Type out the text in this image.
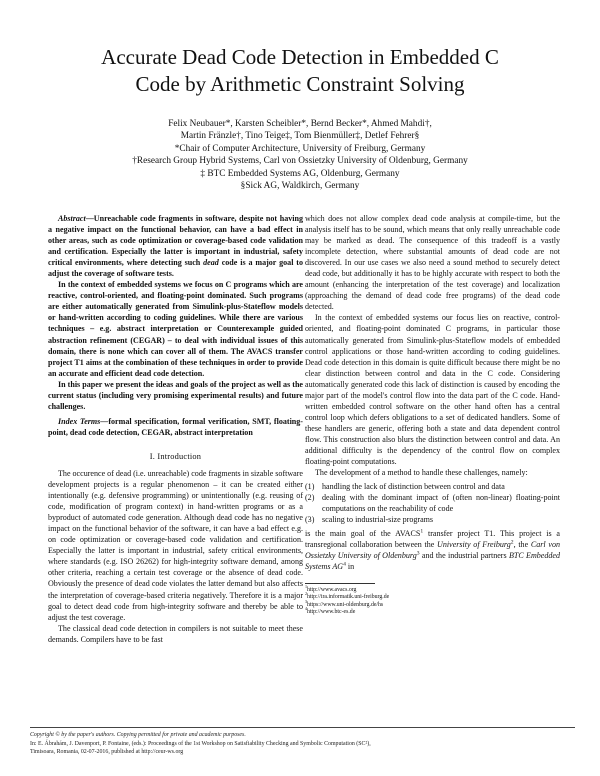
Accurate Dead Code Detection in Embedded C
Code by Arithmetic Constraint Solving
Felix Neubauer*, Karsten Scheibler*, Bernd Becker*, Ahmed Mahdi†,
Martin Fränzle†, Tino Teige‡, Tom Bienmüller‡, Detlef Fehrer§
*Chair of Computer Architecture, University of Freiburg, Germany
†Research Group Hybrid Systems, Carl von Ossietzky University of Oldenburg, Germany
‡ BTC Embedded Systems AG, Oldenburg, Germany
§Sick AG, Waldkirch, Germany

Abstract—Unreachable code fragments in software, despite not having a negative impact on the functional behavior, can have a bad effect in other areas, such as code optimization or coverage-based code validation and certification. Especially the latter is important in industrial, safety critical environments, where detecting such dead code is a major goal to adjust the coverage of software tests.

In the context of embedded systems we focus on C programs which are reactive, control-oriented, and floating-point dominated. Such programs are either automatically generated from Simulink-plus-Stateflow models or hand-written according to coding guidelines. While there are various techniques – e.g. abstract interpretation or Counterexample guided abstraction refinement (CEGAR) – to deal with individual issues of this domain, there is none which can cover all of them. The AVACS transfer project T1 aims at the combination of these techniques in order to provide an accurate and efficient dead code detection.

In this paper we present the ideas and goals of the project as well as the current status (including very promising experimental results) and future challenges.

Index Terms—formal specification, formal verification, SMT, floating-point, dead code detection, CEGAR, abstract interpretation

I. Introduction

The occurence of dead (i.e. unreachable) code fragments in sizable software development projects is a regular phenomenon – it can be created either intentionally (e.g. defensive programming) or unintentionally (e.g. reusing of code, modification of program context) in hand-written programs or as a byproduct of automated code generation. Although dead code has no negative impact on the functional behavior of the software, it can have a bad effect e.g. on code optimization or coverage-based code validation and certification. Especially the latter is important in industrial, safety critical environments, where standards (e.g. ISO 26262) for high-integrity software demand, among other criteria, reaching a certain test coverage or the absence of dead code. Obviously the presence of dead code violates the latter demand but also affects the interpretation of coverage-based criteria negatively. Therefore it is a major goal to detect dead code from high-integrity software and thereby be able to adjust the test coverage.

The classical dead code detection in compilers is not suitable to meet these demands. Compilers have to be fast

which does not allow complex dead code analysis at compile-time, but the analysis itself has to be sound, which means that only really unreachable code may be marked as dead. The consequence of this tradeoff is a vastly incomplete detection, where substantial amounts of dead code are not discovered. In our use cases we also need a sound method to securely detect dead code, but additionally it has to be highly accurate with respect to both the amount (enhancing the interpretation of the test coverage) and localization (approaching the demand of dead code free programs) of the dead code detected.

In the context of embedded systems our focus lies on reactive, control-oriented, and floating-point dominated C programs, in particular those automatically generated from Simulink-plus-Stateflow models of embedded control applications or those hand-written according to coding guidelines. Dead code detection in this domain is quite difficult because there might be no clear distinction between control and data in the C code. Considering automatically generated code this lack of distinction is caused by encoding the major part of the model's control flow into the data part of the C code. Hand-written embedded control software on the other hand often has a central control loop which defers obligations to a set of dedicated handlers. Some of these handlers are generic, offering both a state and data dependent control flow. This construction also blurs the distinction between control and data. An additional difficulty is the dependency of the control flow on complex floating-point computations.

The development of a method to handle these challenges, namely:

(1) handling the lack of distinction between control and data
(2) dealing with the dominant impact of (often non-linear) floating-point computations on the reachability of code
(3) scaling to industrial-size programs

is the main goal of the AVACS$^1$ transfer project T1. This project is a transregional collaboration between the University of Freiburg$^2$, the Carl von Ossietzky University of Oldenburg$^3$ and the industrial partners BTC Embedded Systems $AG^4$ in

$^1$http://www.avacs.org
$^2$http://ira.informatik.uni-freiburg.de
$^3$https://www.uni-oldenburg.de/hs
$^4$http://www.btc-es.de
Copyright © by the paper's authors. Copying permitted for private and academic purposes.
In: E. Ábrahám, J. Davenport, P. Fontaine, (eds.): Proceedings of the 1st Workshop on Satisfiability Checking and Symbolic Computation (SC²),
Timisoara, Romania, 02-07-2016, published at http://ceur-ws.org
